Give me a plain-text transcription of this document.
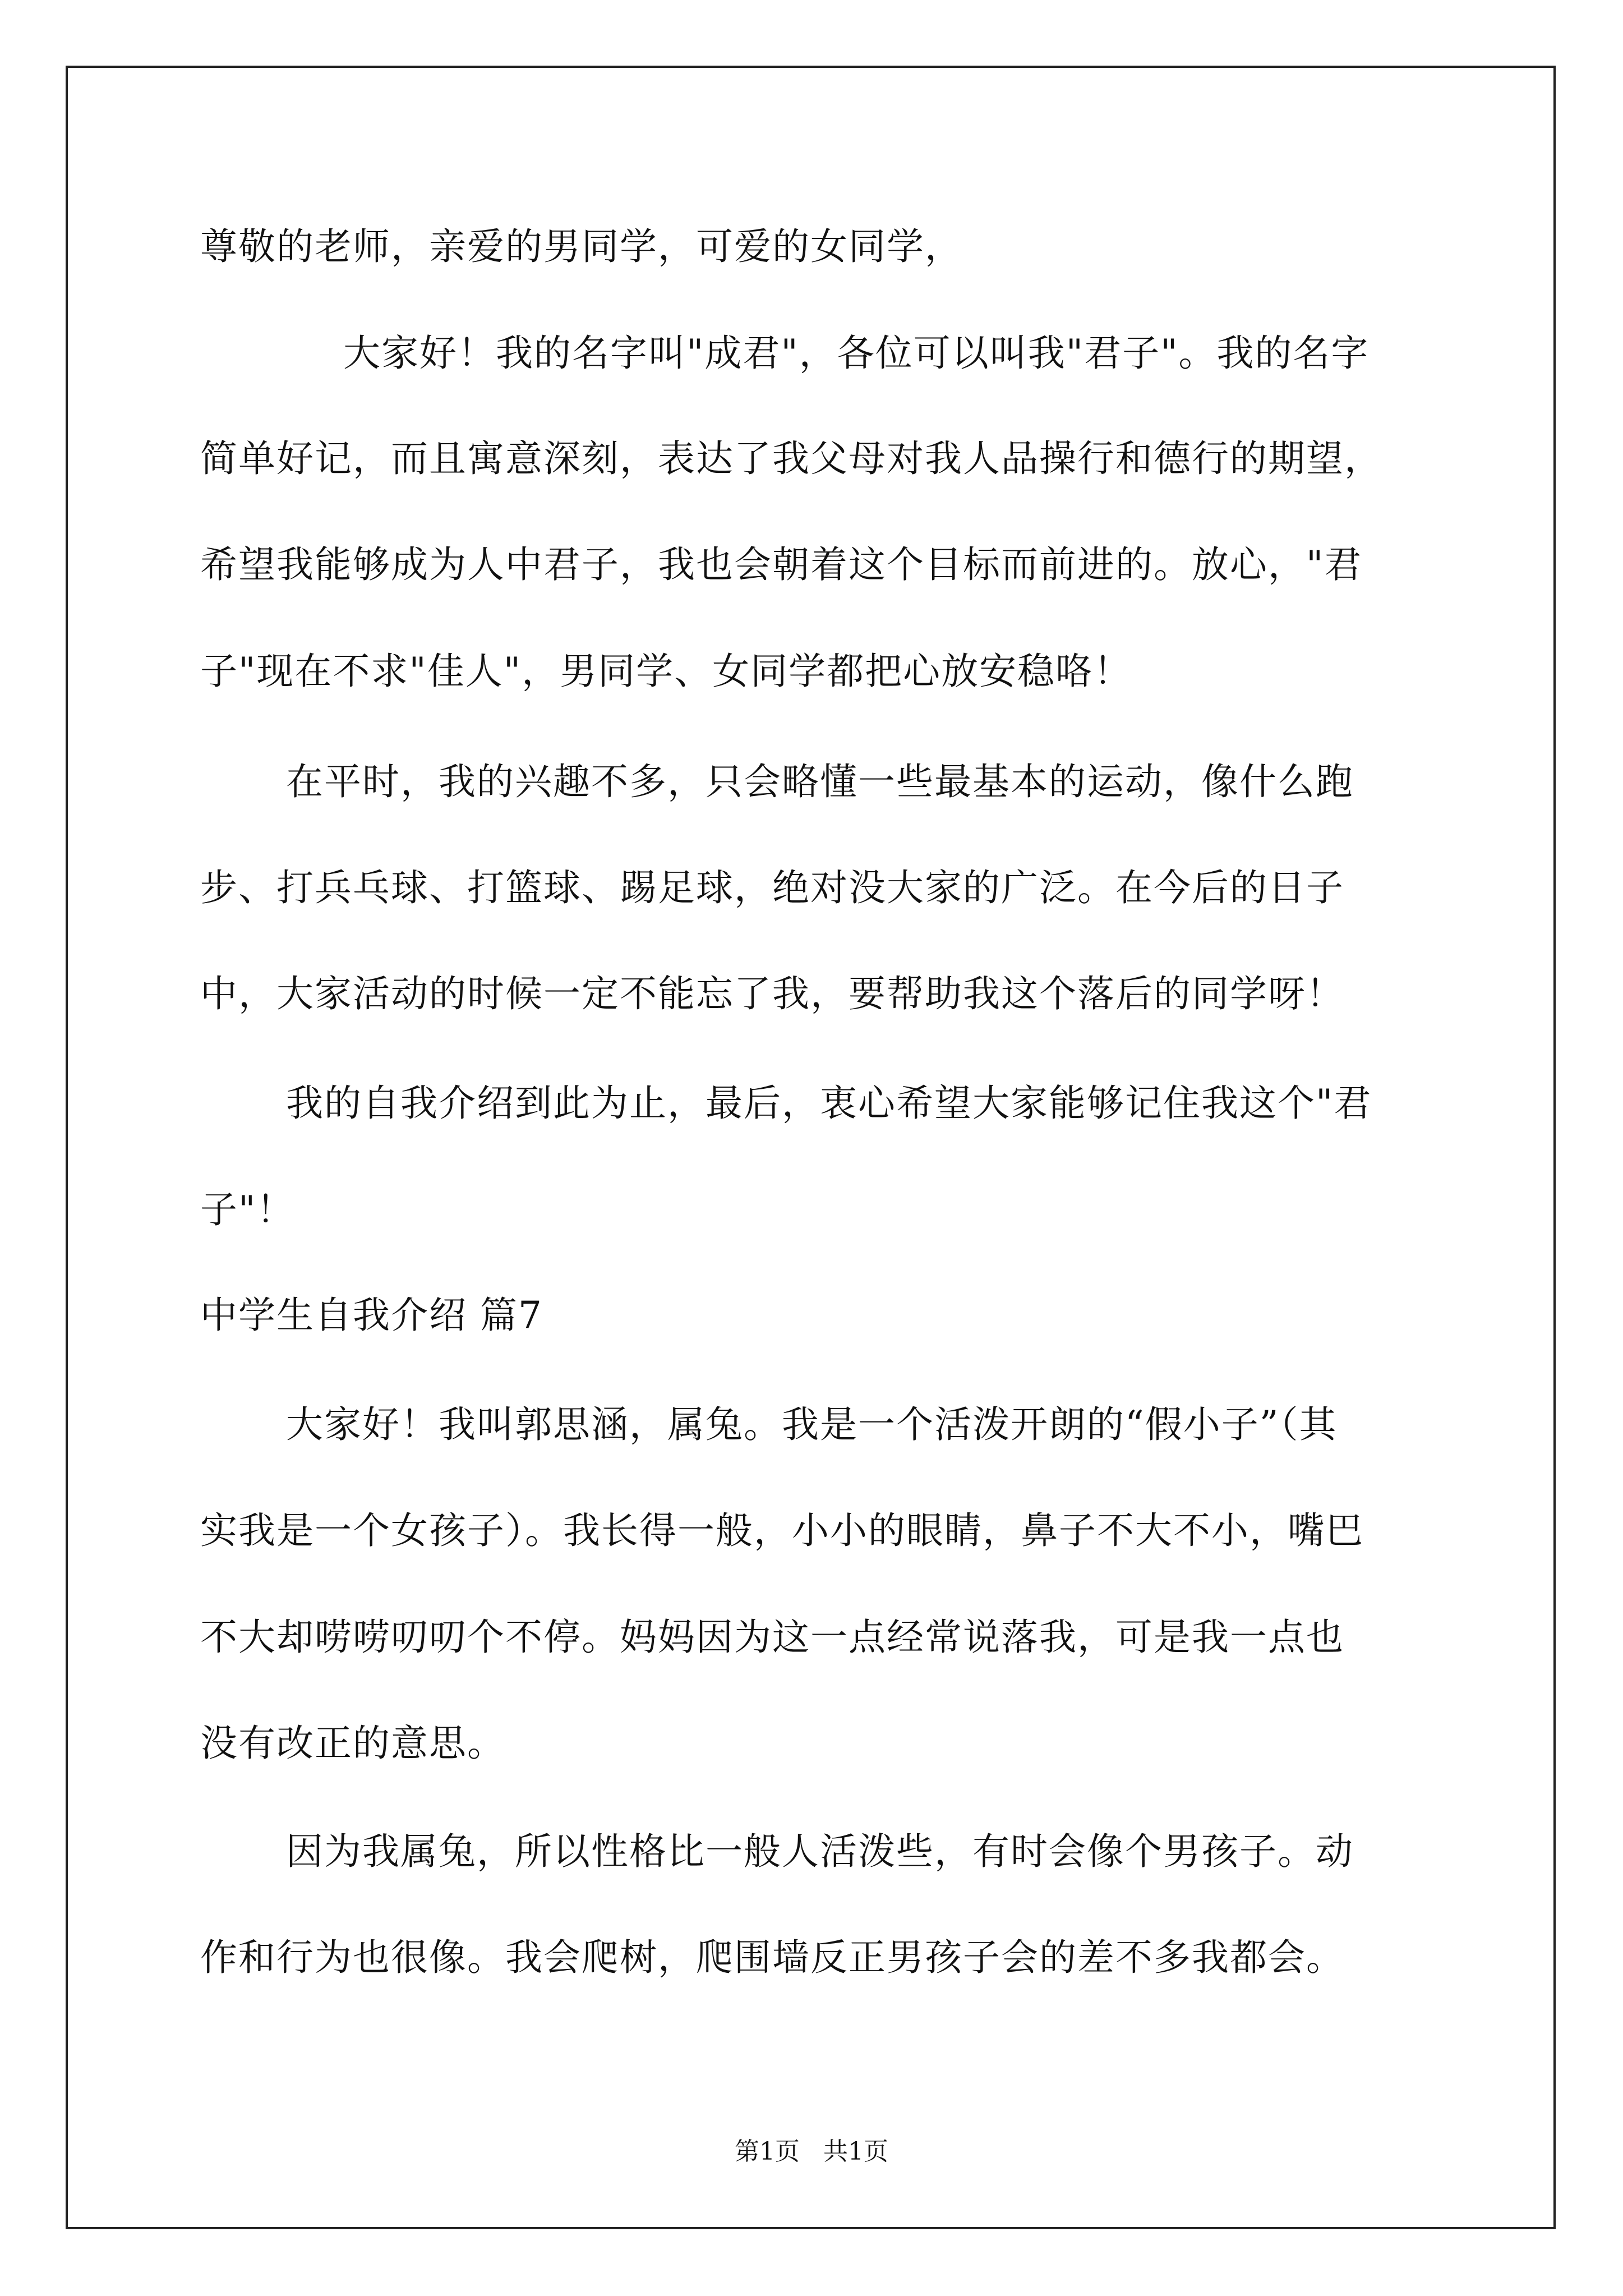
尊敬的老师，亲爱的男同学，可爱的女同学，
大家好！我的名字叫"成君"，各位可以叫我"君子"。我的名字
简单好记，而且寓意深刻，表达了我父母对我人品操行和德行的期望，
希望我能够成为人中君子，我也会朝着这个目标而前进的。放心，"君
子"现在不求"佳人"，男同学、女同学都把心放安稳咯！
在平时，我的兴趣不多，只会略懂一些最基本的运动，像什么跑
步、打兵乓球、打篮球、踢足球，绝对没大家的广泛。在今后的日子
中，大家活动的时候一定不能忘了我，要帮助我这个落后的同学呀！
我的自我介绍到此为止，最后，衷心希望大家能够记住我这个"君
子"！
中学生自我介绍 篇7
大家好！我叫郭思涵，属兔。我是一个活泼开朗的“假小子”（其
实我是一个女孩子）。我长得一般，小小的眼睛，鼻子不大不小，嘴巴
不大却唠唠叨叨个不停。妈妈因为这一点经常说落我，可是我一点也
没有改正的意思。
因为我属兔，所以性格比一般人活泼些，有时会像个男孩子。动
作和行为也很像。我会爬树，爬围墙反正男孩子会的差不多我都会。
第1页 共1页
